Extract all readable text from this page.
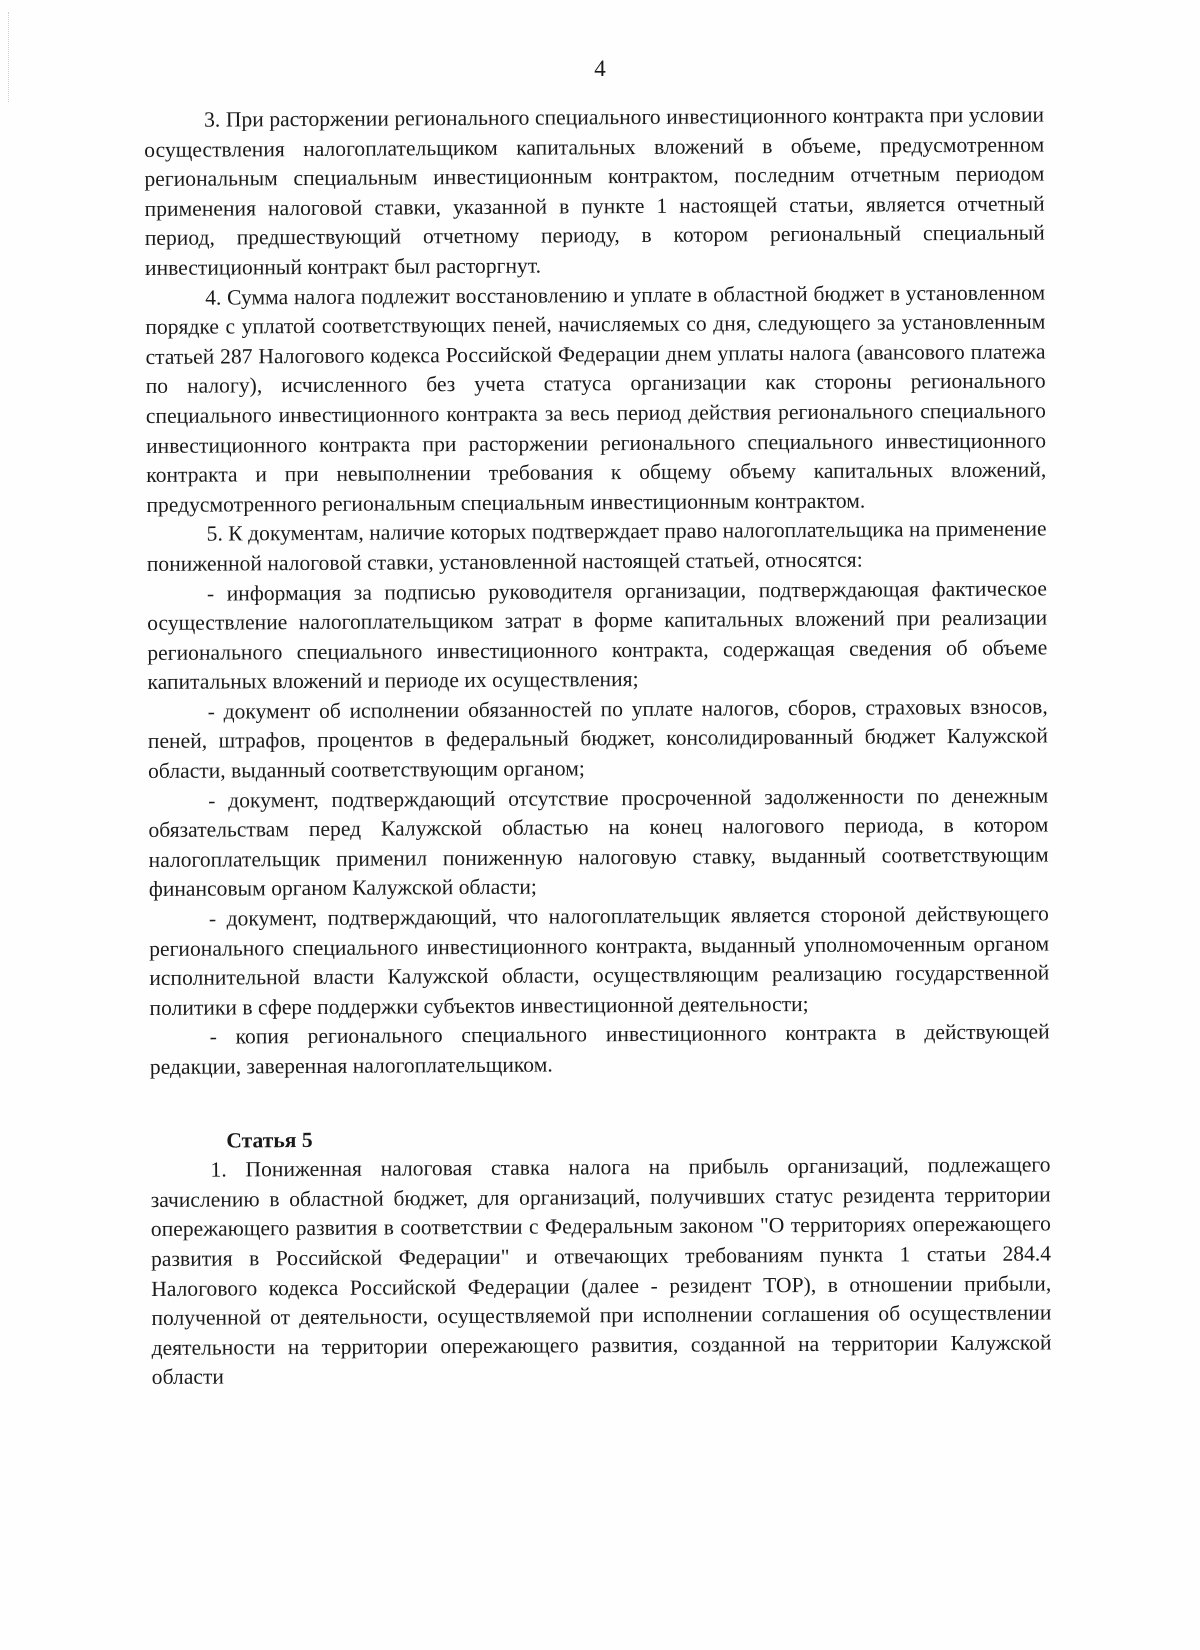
4

3. При расторжении регионального специального инвестиционного контракта при условии осуществления налогоплательщиком капитальных вложений в объеме, предусмотренном региональным специальным инвестиционным контрактом, последним отчетным периодом применения налоговой ставки, указанной в пункте 1 настоящей статьи, является отчетный период, предшествующий отчетному периоду, в котором региональный специальный инвестиционный контракт был расторгнут.

4. Сумма налога подлежит восстановлению и уплате в областной бюджет в установленном порядке с уплатой соответствующих пеней, начисляемых со дня, следующего за установленным статьей 287 Налогового кодекса Российской Федерации днем уплаты налога (авансового платежа по налогу), исчисленного без учета статуса организации как стороны регионального специального инвестиционного контракта за весь период действия регионального специального инвестиционного контракта при расторжении регионального специального инвестиционного контракта и при невыполнении требования к общему объему капитальных вложений, предусмотренного региональным специальным инвестиционным контрактом.

5. К документам, наличие которых подтверждает право налогоплательщика на применение пониженной налоговой ставки, установленной настоящей статьей, относятся:

- информация за подписью руководителя организации, подтверждающая фактическое осуществление налогоплательщиком затрат в форме капитальных вложений при реализации регионального специального инвестиционного контракта, содержащая сведения об объеме капитальных вложений и периоде их осуществления;

- документ об исполнении обязанностей по уплате налогов, сборов, страховых взносов, пеней, штрафов, процентов в федеральный бюджет, консолидированный бюджет Калужской области, выданный соответствующим органом;

- документ, подтверждающий отсутствие просроченной задолженности по денежным обязательствам перед Калужской областью на конец налогового периода, в котором налогоплательщик применил пониженную налоговую ставку, выданный соответствующим финансовым органом Калужской области;

- документ, подтверждающий, что налогоплательщик является стороной действующего регионального специального инвестиционного контракта, выданный уполномоченным органом исполнительной власти Калужской области, осуществляющим реализацию государственной политики в сфере поддержки субъектов инвестиционной деятельности;

- копия регионального специального инвестиционного контракта в действующей редакции, заверенная налогоплательщиком.

Статья 5

1. Пониженная налоговая ставка налога на прибыль организаций, подлежащего зачислению в областной бюджет, для организаций, получивших статус резидента территории опережающего развития в соответствии с Федеральным законом "О территориях опережающего развития в Российской Федерации" и отвечающих требованиям пункта 1 статьи 284.4 Налогового кодекса Российской Федерации (далее - резидент ТОР), в отношении прибыли, полученной от деятельности, осуществляемой при исполнении соглашения об осуществлении деятельности на территории опережающего развития, созданной на территории Калужской области
